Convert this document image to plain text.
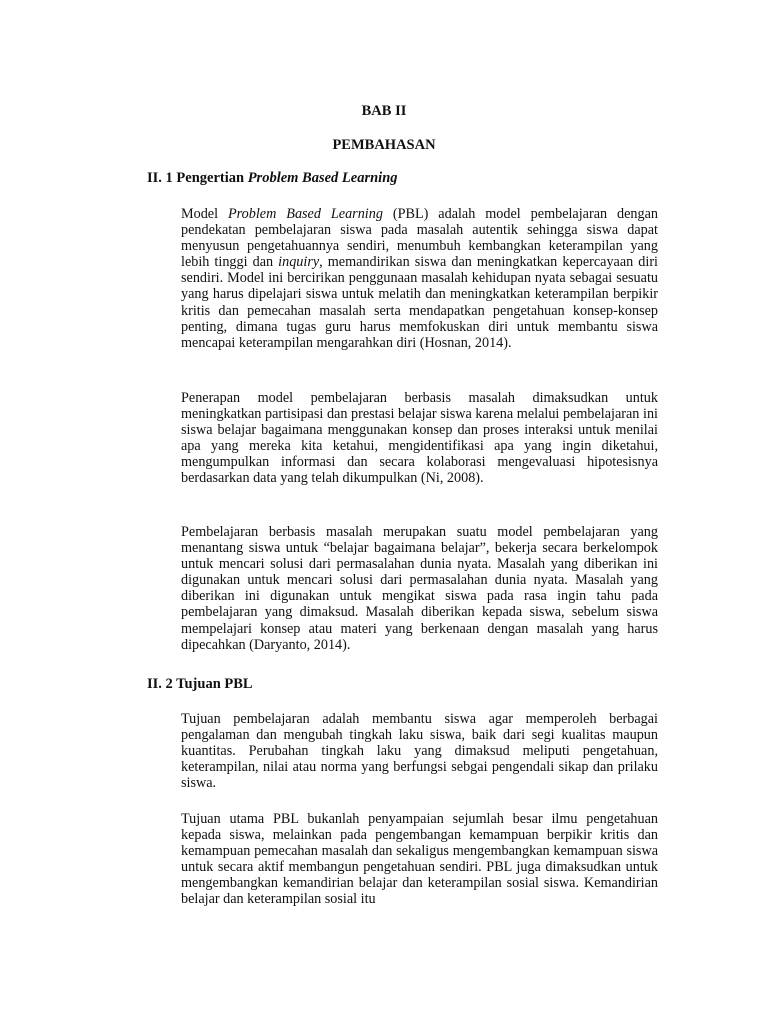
BAB II
PEMBAHASAN
II. 1 Pengertian Problem Based Learning
Model Problem Based Learning (PBL) adalah model pembelajaran dengan pendekatan pembelajaran siswa pada masalah autentik sehingga siswa dapat menyusun pengetahuannya sendiri, menumbuh kembangkan keterampilan yang lebih tinggi dan inquiry, memandirikan siswa dan meningkatkan kepercayaan diri sendiri. Model ini bercirikan penggunaan masalah kehidupan nyata sebagai sesuatu yang harus dipelajari siswa untuk melatih dan meningkatkan keterampilan berpikir kritis dan pemecahan masalah serta mendapatkan pengetahuan konsep-konsep penting, dimana tugas guru harus memfokuskan diri untuk membantu siswa mencapai keterampilan mengarahkan diri (Hosnan, 2014).
Penerapan model pembelajaran berbasis masalah dimaksudkan untuk meningkatkan partisipasi dan prestasi belajar siswa karena melalui pembelajaran ini siswa belajar bagaimana menggunakan konsep dan proses interaksi untuk menilai apa yang mereka kita ketahui, mengidentifikasi apa yang ingin diketahui, mengumpulkan informasi dan secara kolaborasi mengevaluasi hipotesisnya berdasarkan data yang telah dikumpulkan (Ni, 2008).
Pembelajaran berbasis masalah merupakan suatu model pembelajaran yang menantang siswa untuk “belajar bagaimana belajar”, bekerja secara berkelompok untuk mencari solusi dari permasalahan dunia nyata. Masalah yang diberikan ini digunakan untuk mencari solusi dari permasalahan dunia nyata. Masalah yang diberikan ini digunakan untuk mengikat siswa pada rasa ingin tahu pada pembelajaran yang dimaksud. Masalah diberikan kepada siswa, sebelum siswa mempelajari konsep atau materi yang berkenaan dengan masalah yang harus dipecahkan (Daryanto, 2014).
II. 2 Tujuan PBL
Tujuan pembelajaran adalah membantu siswa agar memperoleh berbagai pengalaman dan mengubah tingkah laku siswa, baik dari segi kualitas maupun kuantitas. Perubahan tingkah laku yang dimaksud meliputi pengetahuan, keterampilan, nilai atau norma yang berfungsi sebgai pengendali sikap dan prilaku siswa.
Tujuan utama PBL bukanlah penyampaian sejumlah besar ilmu pengetahuan kepada siswa, melainkan pada pengembangan kemampuan berpikir kritis dan kemampuan pemecahan masalah dan sekaligus mengembangkan kemampuan siswa untuk secara aktif membangun pengetahuan sendiri. PBL juga dimaksudkan untuk mengembangkan kemandirian belajar dan keterampilan sosial siswa. Kemandirian belajar dan keterampilan sosial itu
